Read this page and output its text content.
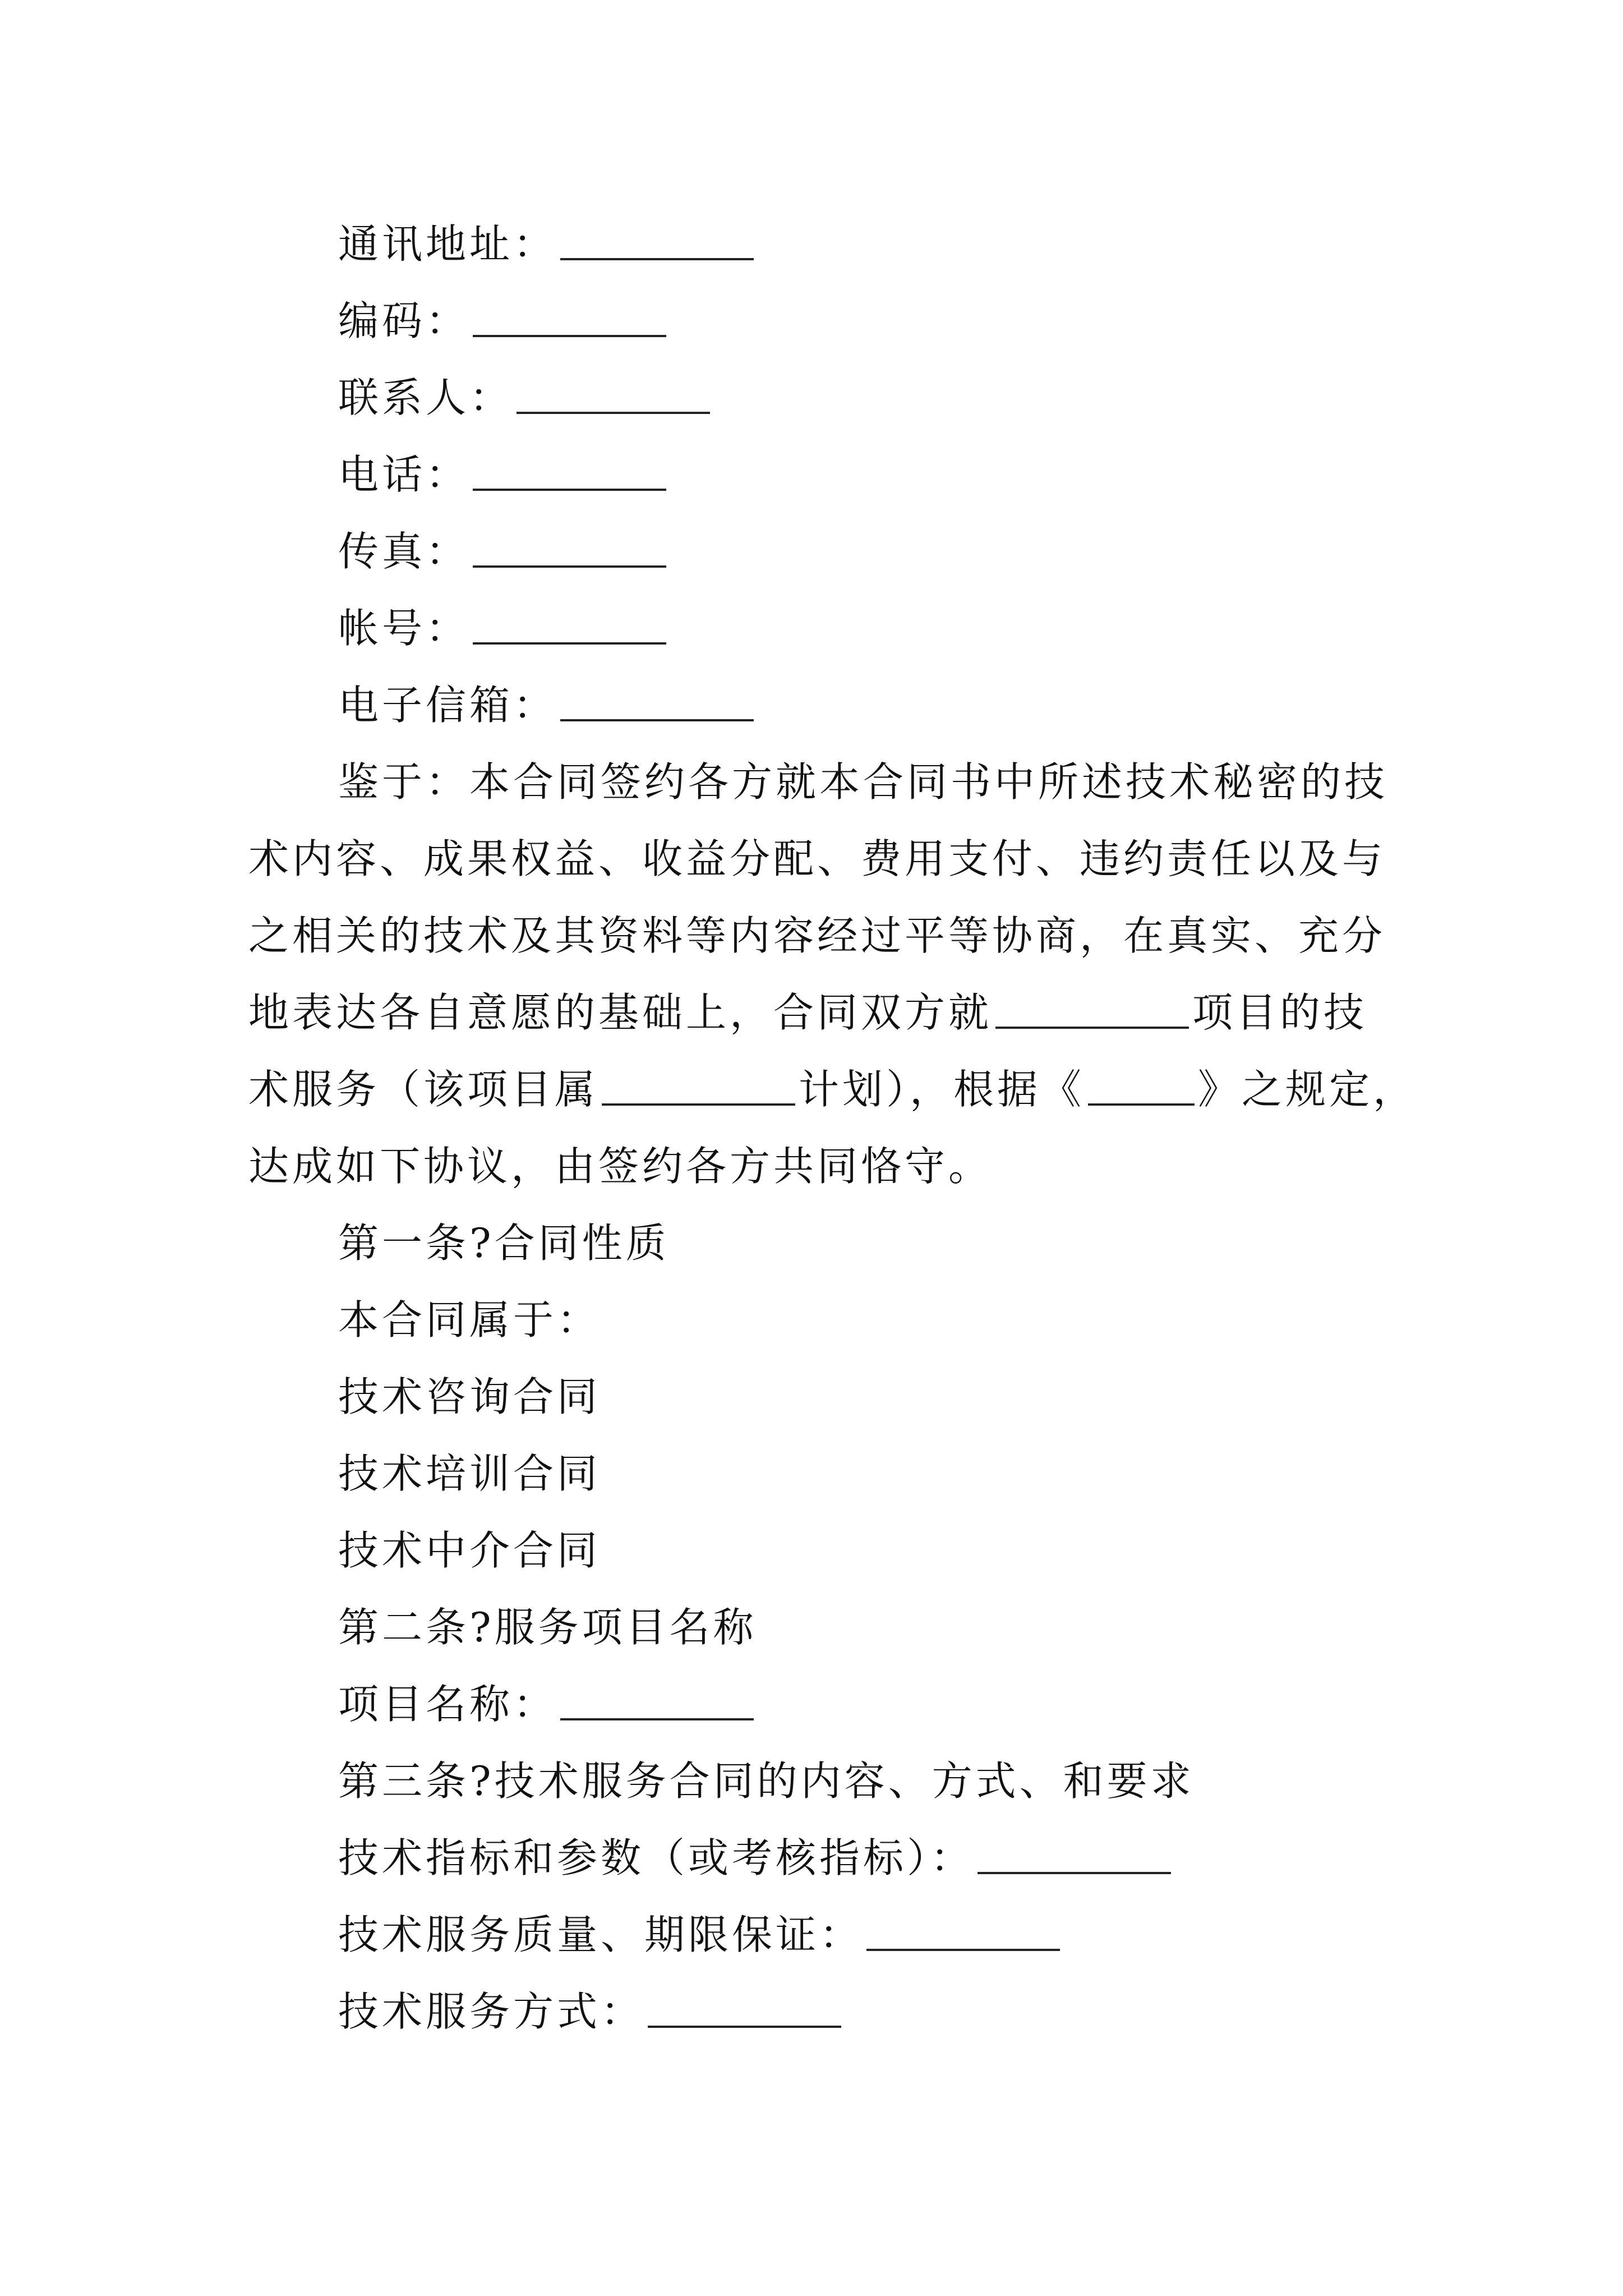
通讯地址：
编码：
联系人：
电话：
传真：
帐号：
电子信箱：
鉴于：本合同签约各方就本合同书中所述技术秘密的技
术内容、成果权益、收益分配、费用支付、违约责任以及与
之相关的技术及其资料等内容经过平等协商，在真实、充分
地表达各自意愿的基础上，合同双方就	项目的技
术服务（该项目属	计划），根据《	》之规定，
达成如下协议，由签约各方共同恪守。
第一条?合同性质
本合同属于：
技术咨询合同
技术培训合同
技术中介合同
第二条?服务项目名称
项目名称：
第三条?技术服务合同的内容、方式、和要求
技术指标和参数（或考核指标）：
技术服务质量、期限保证：
技术服务方式：
